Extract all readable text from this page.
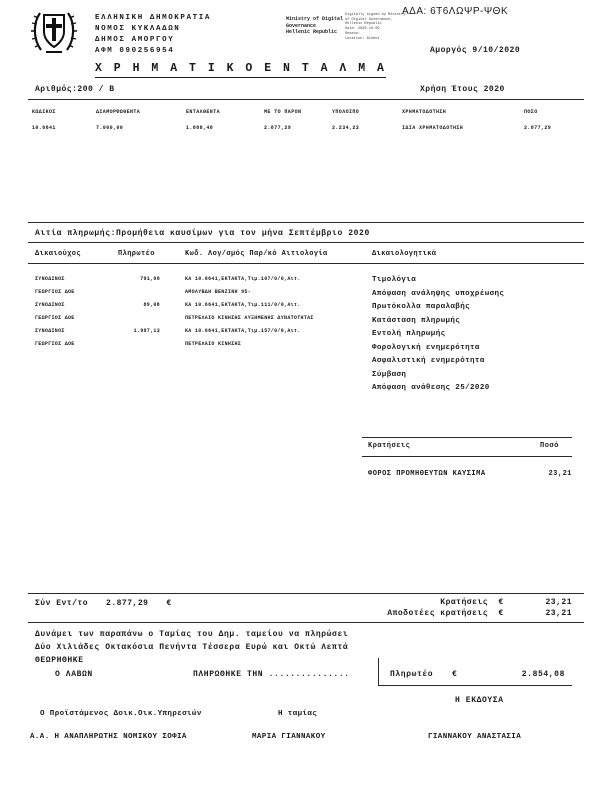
ΕΛΛΗΝΙΚΗ ΔΗΜΟΚΡΑΤΙΑ
ΝΟΜΟΣ ΚΥΚΛΑΔΩΝ
ΔΗΜΟΣ ΑΜΟΡΓΟΥ
ΑΦΜ 090256954
Ministry of Digital
Governance
Hellenic Republic
Digitally signed by Ministry
of Digital Governance,
Hellenic Republic
Date: 2020.10.09
Reason:
Location: Athens
ΑΔΑ: 6Τ6ΛΩΨΡ-ΨΘΚ
Αμοργός 9/10/2020
Χ Ρ Η Μ Α Τ Ι Κ Ο Ε Ν Τ Α Λ Μ Α
Αριθμός:200 / Β	Χρήση Έτους 2020
ΚΩΔΙΚΟΣ	ΔΙΑΜΟΡΦΩΘΕΝΤΑ	ΕΝΤΑΛΘΕΝΤΑ	ΜΕ ΤΟ ΠΑΡΟΝ	ΥΠΟΛΟΙΠΟ	ΧΡΗΜΑΤΟΔΟΤΗΣΗ	ΠΟΣΟ
10.6641	7.000,00	1.888,48	2.877,29	2.234,23	ΙΔΙΑ ΧΡΗΜΑΤΟΔΟΤΗΣΗ	2.877,29
Αιτία πληρωμής:Προμήθεια καυσίμων για τον μήνα Σεπτέμβριο 2020
Δικαιούχος	Πληρωτέο	Κωδ. Λογ/σμός Παρ/κό Αιτιολογία	Δικαιολογητικά
ΣΥΝΟΔΙΝΟΣ	791,08	ΚΑ 10.6641,ΕΚΤΑΚΤΑ,Τιμ.107/0/0,Αιτ.
ΓΕΩΡΓΙΟΣ ΔΟΕ	ΑΜΟΛΥΒΔΗ ΒΕΝΖΙΝΗ 95-
ΣΥΝΟΔΙΝΟΣ	89,08	ΚΑ 10.6641,ΕΚΤΑΚΤΑ,Τιμ.111/0/0,Αιτ.
ΓΕΩΡΓΙΟΣ ΔΟΕ	ΠΕΤΡΕΛΑΙΟ ΚΙΝΗΣΗΣ ΑΥΞΗΜΕΝΗΣ ΔΥΝΑΤΟΤΗΤΑΣ
ΣΥΝΟΔΙΝΟΣ	1.997,13	ΚΑ 10.6641,ΕΚΤΑΚΤΑ,Τιμ.157/0/0,Αιτ.
ΓΕΩΡΓΙΟΣ ΔΟΕ	ΠΕΤΡΕΛΑΙΟ ΚΙΝΗΣΗΣ
Τιμολόγια
Απόφαση ανάληψης υποχρέωσης
Πρωτόκολλα παραλαβής
Κατάσταση πληρωμής
Εντολή πληρωμής
Φορολογική ενημερότητα
Ασφαλιστική ενημερότητα
Σύμβαση
Απόφαση ανάθεσης 25/2020
Κρατήσεις	Ποσό
ΦΟΡΟΣ ΠΡΟΜΗΘΕΥΤΩΝ ΚΑΥΣΙΜΑ	23,21
Σύν Εντ/το 2.877,29 €	Κρατήσεις	€	23,21
Αποδοτέες κρατήσεις	€	23,21
Δυνάμει των παραπάνω ο Ταμίας του Δημ. ταμείου να πληρώσει
Δύο Χιλιάδες Οκτακόσια Πενήντα Τέσσερα Ευρώ και Οκτώ Λεπτά
ΘΕΩΡΗΘΗΚΕ
Ο ΛΑΒΩΝ	ΠΛΗΡΩΘΗΚΕ ΤΗΝ ...............	Πληρωτέο €	2.854,08
Η ΕΚΔΟΥΣΑ
Ο Προϊστάμενος Δοικ.Οικ.Υπηρεσιών	Η ταμίας
Α.Α. Η ΑΝΑΠΛΗΡΩΤΗΣ ΝΟΜΙΚΟΥ ΣΟΦΙΑ	ΜΑΡΙΑ ΓΙΑΝΝΑΚΟΥ	ΓΙΑΝΝΑΚΟΥ ΑΝΑΣΤΑΣΙΑ
